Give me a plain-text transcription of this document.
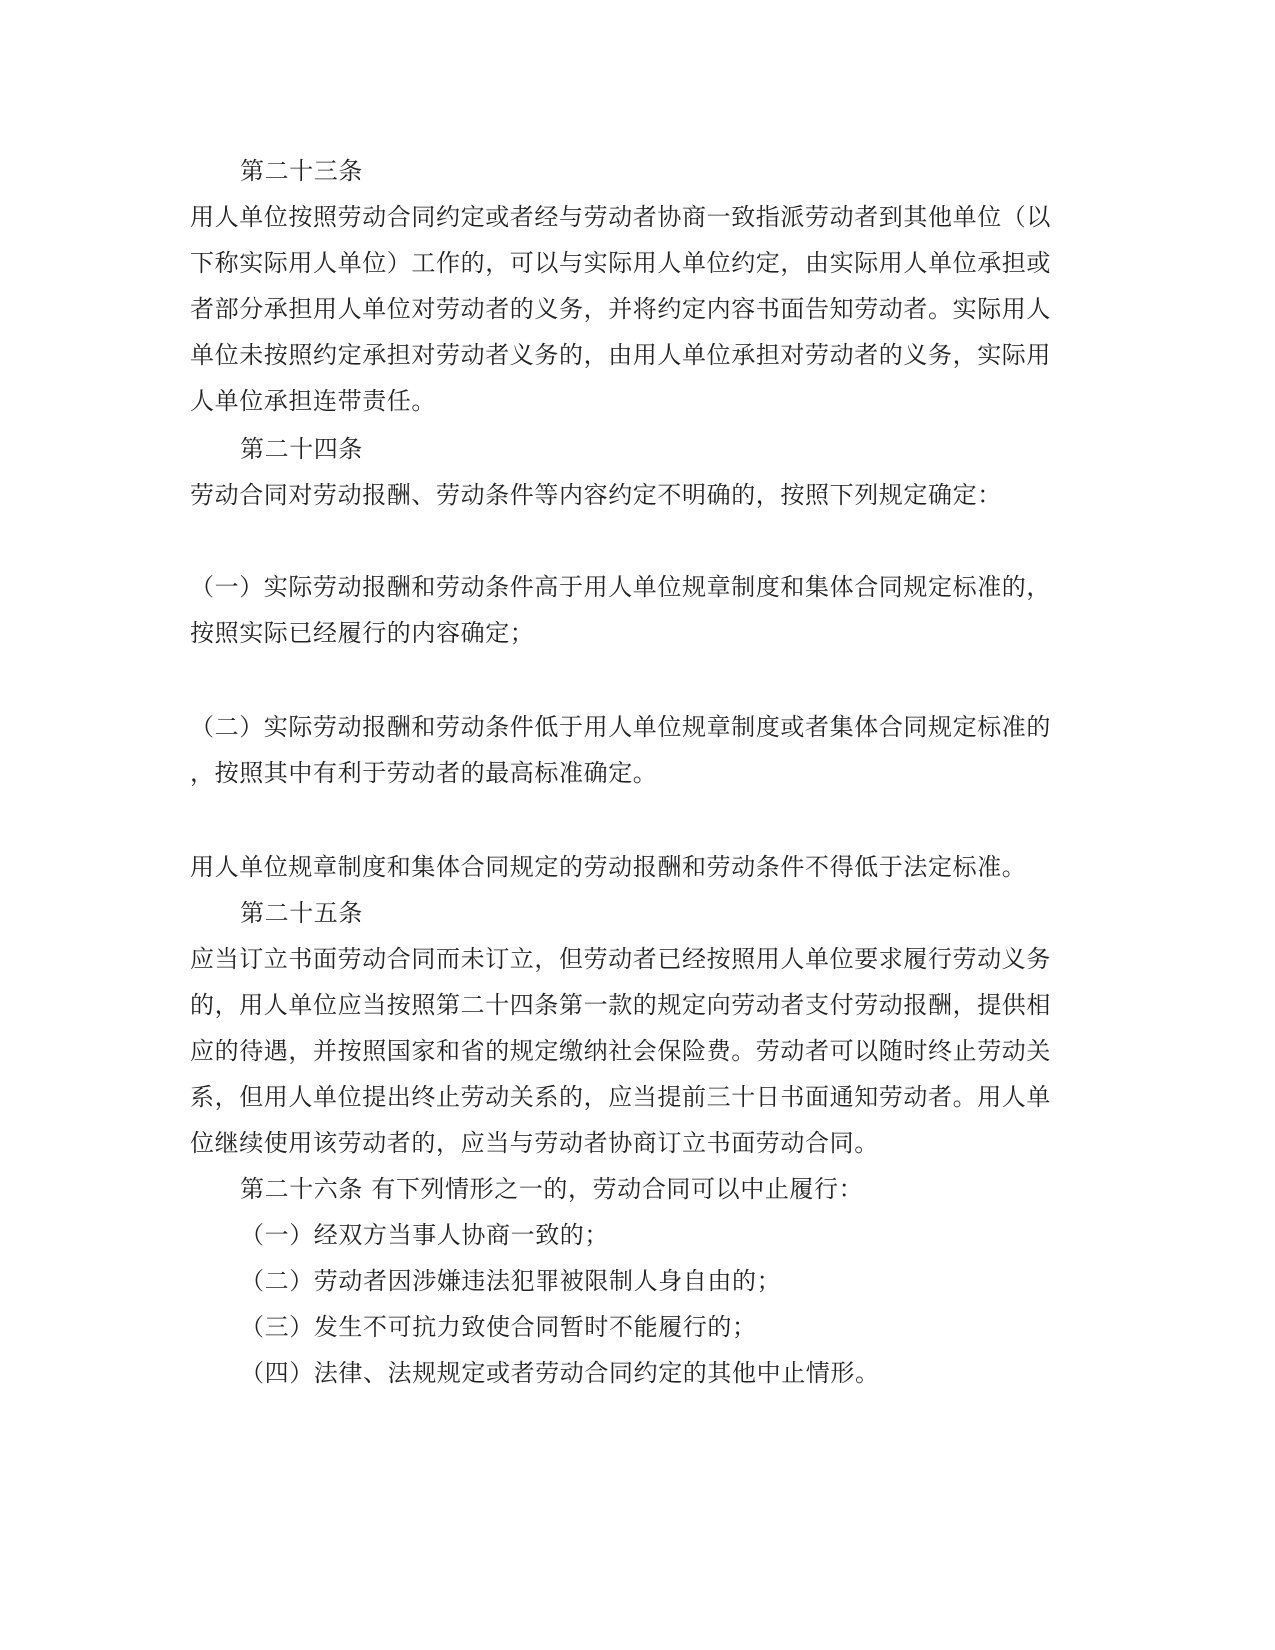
第二十三条
用人单位按照劳动合同约定或者经与劳动者协商一致指派劳动者到其他单位（以
下称实际用人单位）工作的，可以与实际用人单位约定，由实际用人单位承担或
者部分承担用人单位对劳动者的义务，并将约定内容书面告知劳动者。实际用人
单位未按照约定承担对劳动者义务的，由用人单位承担对劳动者的义务，实际用
人单位承担连带责任。
第二十四条
劳动合同对劳动报酬、劳动条件等内容约定不明确的，按照下列规定确定：
（一）实际劳动报酬和劳动条件高于用人单位规章制度和集体合同规定标准的，
按照实际已经履行的内容确定；
（二）实际劳动报酬和劳动条件低于用人单位规章制度或者集体合同规定标准的
，按照其中有利于劳动者的最高标准确定。
用人单位规章制度和集体合同规定的劳动报酬和劳动条件不得低于法定标准。
第二十五条
应当订立书面劳动合同而未订立，但劳动者已经按照用人单位要求履行劳动义务
的，用人单位应当按照第二十四条第一款的规定向劳动者支付劳动报酬，提供相
应的待遇，并按照国家和省的规定缴纳社会保险费。劳动者可以随时终止劳动关
系，但用人单位提出终止劳动关系的，应当提前三十日书面通知劳动者。用人单
位继续使用该劳动者的，应当与劳动者协商订立书面劳动合同。
第二十六条 有下列情形之一的，劳动合同可以中止履行：
（一）经双方当事人协商一致的；
（二）劳动者因涉嫌违法犯罪被限制人身自由的；
（三）发生不可抗力致使合同暂时不能履行的；
（四）法律、法规规定或者劳动合同约定的其他中止情形。
